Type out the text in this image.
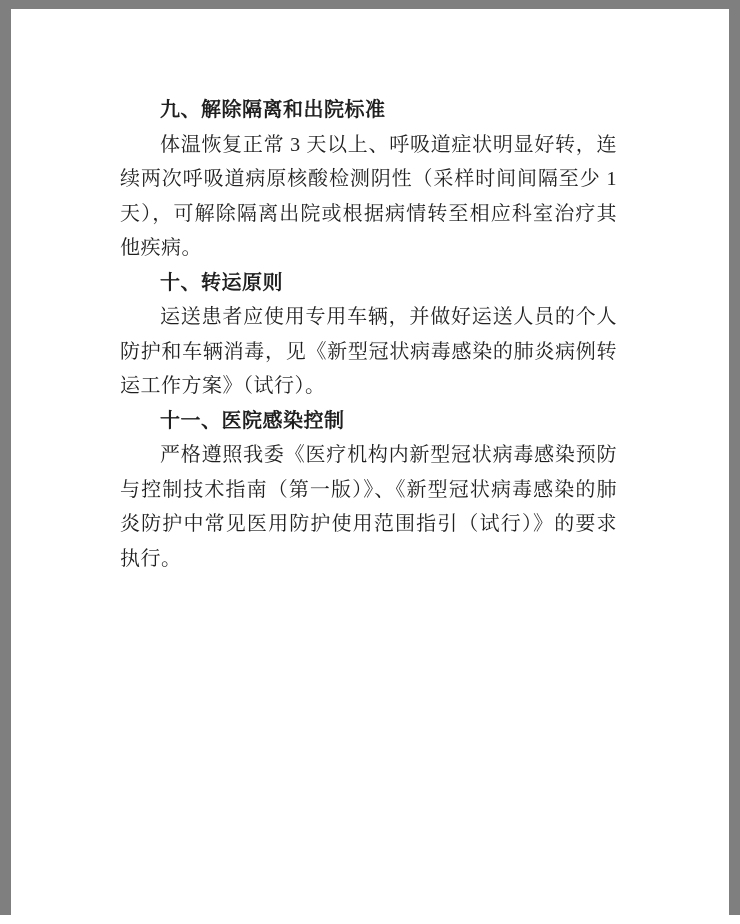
九、解除隔离和出院标准

体温恢复正常 3 天以上、呼吸道症状明显好转，连续两次呼吸道病原核酸检测阴性（采样时间间隔至少 1 天），可解除隔离出院或根据病情转至相应科室治疗其他疾病。

十、转运原则

运送患者应使用专用车辆，并做好运送人员的个人防护和车辆消毒，见《新型冠状病毒感染的肺炎病例转运工作方案》（试行）。

十一、医院感染控制

严格遵照我委《医疗机构内新型冠状病毒感染预防与控制技术指南（第一版）》、《新型冠状病毒感染的肺炎防护中常见医用防护使用范围指引（试行）》的要求执行。
